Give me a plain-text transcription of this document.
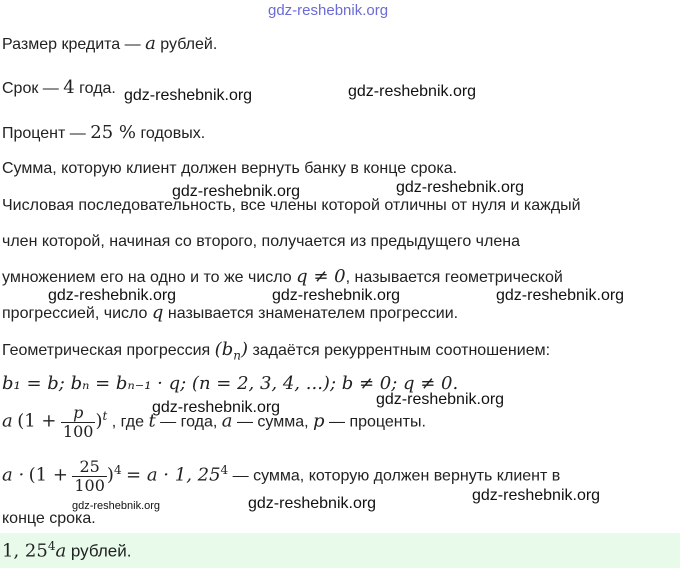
gdz-reshebnik.org
gdz-reshebnik.org	gdz-reshebnik.org
gdz-reshebnik.org	gdz-reshebnik.org
gdz-reshebnik.org	gdz-reshebnik.org	gdz-reshebnik.org
gdz-reshebnik.org	gdz-reshebnik.org
gdz-reshebnik.org	gdz-reshebnik.org	gdz-reshebnik.org
Размер кредита — a рублей.
Срок — 4 года.
Процент — 25 % годовых.
Сумма, которую клиент должен вернуть банку в конце срока.
Числовая последовательность, все члены которой отличны от нуля и каждый
член которой, начиная со второго, получается из предыдущего члена
умножением его на одно и то же число q ≠ 0, называется геометрической
прогрессией, число q называется знаменателем прогрессии.
Геометрическая прогрессия $(b_n)$ задаётся рекуррентным соотношением:
b₁ = b; bₙ = bₙ₋₁ · q; (n = 2, 3, 4, ...); b ≠ 0; q ≠ 0.
a $(1 + \frac{p}{100} )^t$ , где t — года, a — сумма, p — проценты.
$a \cdot (1 + \frac{25}{100} )^4 = a \cdot 1$, $25^4$ — сумма, которую должен вернуть клиент в
конце срока.
1, $25^4a$ рублей.
